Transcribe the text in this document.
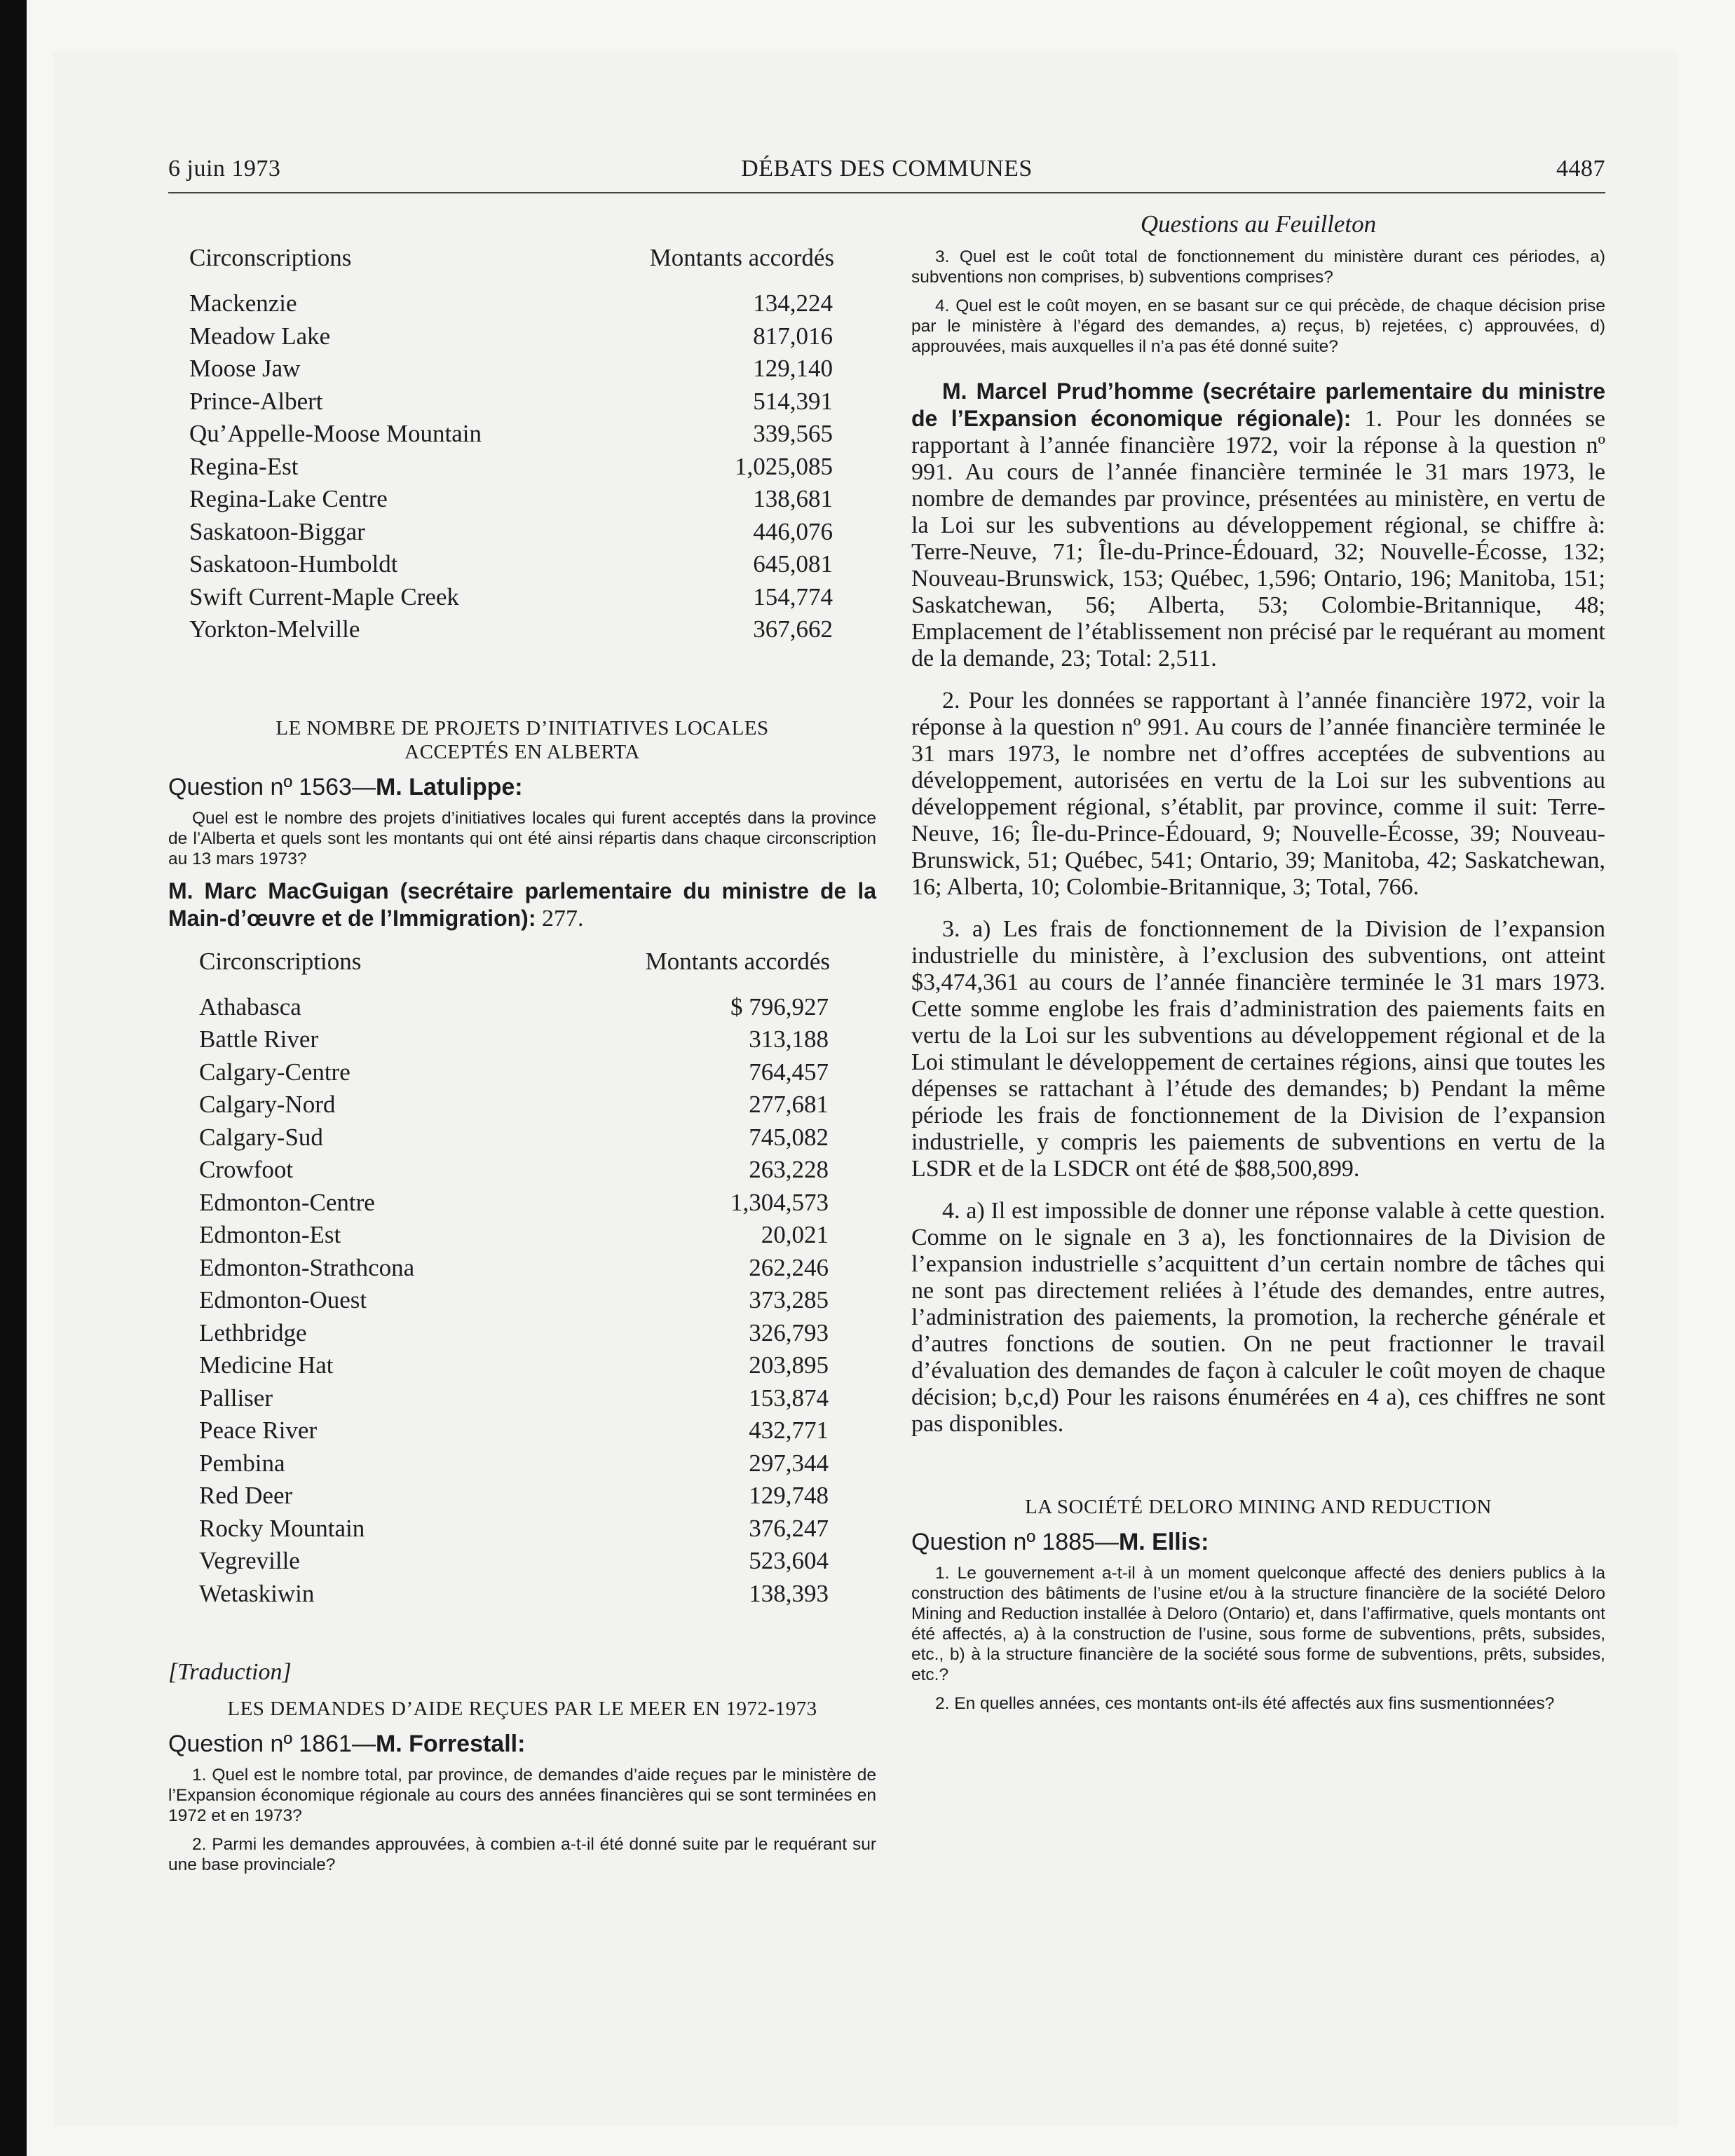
6 juin 1973	DÉBATS DES COMMUNES	4487
Circonscriptions	Montants accordés
Mackenzie	134,224
Meadow Lake	817,016
Moose Jaw	129,140
Prince-Albert	514,391
Qu’Appelle-Moose Mountain	339,565
Regina-Est	1,025,085
Regina-Lake Centre	138,681
Saskatoon-Biggar	446,076
Saskatoon-Humboldt	645,081
Swift Current-Maple Creek	154,774
Yorkton-Melville	367,662

LE NOMBRE DE PROJETS D’INITIATIVES LOCALES ACCEPTÉS EN ALBERTA

Question nº 1563—M. Latulippe:

Quel est le nombre des projets d’initiatives locales qui furent acceptés dans la province de l’Alberta et quels sont les montants qui ont été ainsi répartis dans chaque circonscription au 13 mars 1973?

M. Marc MacGuigan (secrétaire parlementaire du ministre de la Main-d’œuvre et de l’Immigration): 277.

Circonscriptions	Montants accordés
Athabasca	$ 796,927
Battle River	313,188
Calgary-Centre	764,457
Calgary-Nord	277,681
Calgary-Sud	745,082
Crowfoot	263,228
Edmonton-Centre	1,304,573
Edmonton-Est	20,021
Edmonton-Strathcona	262,246
Edmonton-Ouest	373,285
Lethbridge	326,793
Medicine Hat	203,895
Palliser	153,874
Peace River	432,771
Pembina	297,344
Red Deer	129,748
Rocky Mountain	376,247
Vegreville	523,604
Wetaskiwin	138,393

[Traduction]

LES DEMANDES D’AIDE REÇUES PAR LE MEER EN 1972-1973

Question nº 1861—M. Forrestall:

1. Quel est le nombre total, par province, de demandes d’aide reçues par le ministère de l’Expansion économique régionale au cours des années financières qui se sont terminées en 1972 et en 1973?

2. Parmi les demandes approuvées, à combien a-t-il été donné suite par le requérant sur une base provinciale?

Questions au Feuilleton

3. Quel est le coût total de fonctionnement du ministère durant ces périodes, a) subventions non comprises, b) subventions comprises?

4. Quel est le coût moyen, en se basant sur ce qui précède, de chaque décision prise par le ministère à l’égard des demandes, a) reçus, b) rejetées, c) approuvées, d) approuvées, mais auxquelles il n’a pas été donné suite?

M. Marcel Prud’homme (secrétaire parlementaire du ministre de l’Expansion économique régionale): 1. Pour les données se rapportant à l’année financière 1972, voir la réponse à la question nº 991. Au cours de l’année financière terminée le 31 mars 1973, le nombre de demandes par province, présentées au ministère, en vertu de la Loi sur les subventions au développement régional, se chiffre à: Terre-Neuve, 71; Île-du-Prince-Édouard, 32; Nouvelle-Écosse, 132; Nouveau-Brunswick, 153; Québec, 1,596; Ontario, 196; Manitoba, 151; Saskatchewan, 56; Alberta, 53; Colombie-Britannique, 48; Emplacement de l’établissement non précisé par le requérant au moment de la demande, 23; Total: 2,511.

2. Pour les données se rapportant à l’année financière 1972, voir la réponse à la question nº 991. Au cours de l’année financière terminée le 31 mars 1973, le nombre net d’offres acceptées de subventions au développement, autorisées en vertu de la Loi sur les subventions au développement régional, s’établit, par province, comme il suit: Terre-Neuve, 16; Île-du-Prince-Édouard, 9; Nouvelle-Écosse, 39; Nouveau-Brunswick, 51; Québec, 541; Ontario, 39; Manitoba, 42; Saskatchewan, 16; Alberta, 10; Colombie-Britannique, 3; Total, 766.

3. a) Les frais de fonctionnement de la Division de l’expansion industrielle du ministère, à l’exclusion des subventions, ont atteint $3,474,361 au cours de l’année financière terminée le 31 mars 1973. Cette somme englobe les frais d’administration des paiements faits en vertu de la Loi sur les subventions au développement régional et de la Loi stimulant le développement de certaines régions, ainsi que toutes les dépenses se rattachant à l’étude des demandes; b) Pendant la même période les frais de fonctionnement de la Division de l’expansion industrielle, y compris les paiements de subventions en vertu de la LSDR et de la LSDCR ont été de $88,500,899.

4. a) Il est impossible de donner une réponse valable à cette question. Comme on le signale en 3 a), les fonctionnaires de la Division de l’expansion industrielle s’acquittent d’un certain nombre de tâches qui ne sont pas directement reliées à l’étude des demandes, entre autres, l’administration des paiements, la promotion, la recherche générale et d’autres fonctions de soutien. On ne peut fractionner le travail d’évaluation des demandes de façon à calculer le coût moyen de chaque décision; b,c,d) Pour les raisons énumérées en 4 a), ces chiffres ne sont pas disponibles.

LA SOCIÉTÉ DELORO MINING AND REDUCTION

Question nº 1885—M. Ellis:

1. Le gouvernement a-t-il à un moment quelconque affecté des deniers publics à la construction des bâtiments de l’usine et/ou à la structure financière de la société Deloro Mining and Reduction installée à Deloro (Ontario) et, dans l’affirmative, quels montants ont été affectés, a) à la construction de l’usine, sous forme de subventions, prêts, subsides, etc., b) à la structure financière de la société sous forme de subventions, prêts, subsides, etc.?

2. En quelles années, ces montants ont-ils été affectés aux fins susmentionnées?
